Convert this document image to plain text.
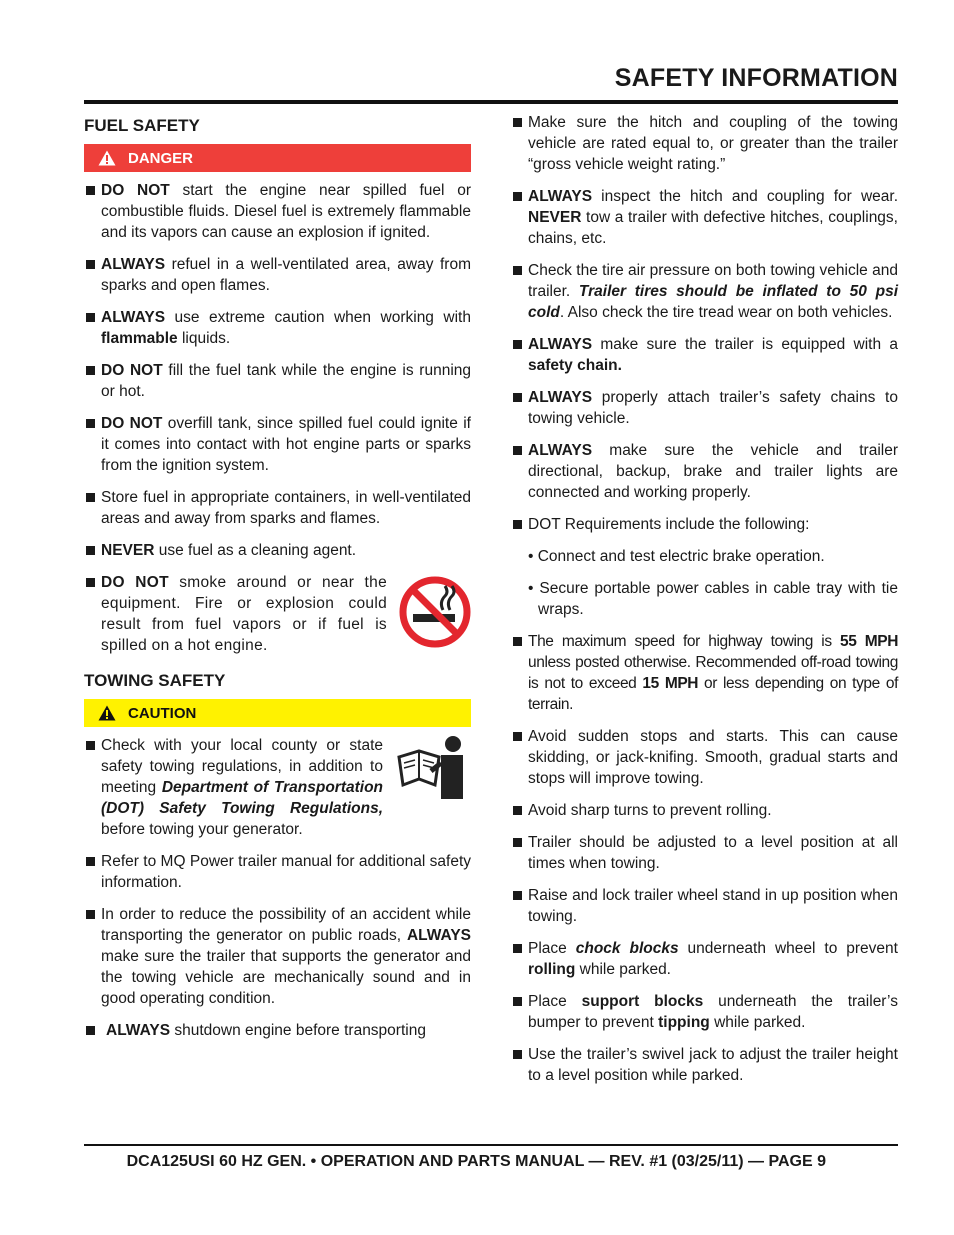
SAFETY INFORMATION
FUEL SAFETY
DANGER
DO NOT start the engine near spilled fuel or combustible fluids. Diesel fuel is extremely flammable and its vapors can cause an explosion if ignited.
ALWAYS refuel in a well-ventilated area, away from sparks and open flames.
ALWAYS use extreme caution when working with flammable liquids.
DO NOT fill the fuel tank while the engine is running or hot.
DO NOT overfill tank, since spilled fuel could ignite if it comes into contact with hot engine parts or sparks from the ignition system.
Store fuel in appropriate containers, in well-ventilated areas and away from sparks and flames.
NEVER use fuel as a cleaning agent.
DO NOT smoke around or near the equipment. Fire or explosion could result from fuel vapors or if fuel is spilled on a hot engine.
TOWING SAFETY
CAUTION
Check with your local county or state safety towing regulations, in addition to meeting Department of Transportation (DOT) Safety Towing Regulations, before towing your generator.
Refer to MQ Power trailer manual for additional safety information.
In order to reduce the possibility of an accident while transporting the generator on public roads, ALWAYS make sure the trailer that supports the generator and the towing vehicle are mechanically sound and in good operating condition.
ALWAYS shutdown engine before transporting
Make sure the hitch and coupling of the towing vehicle are rated equal to, or greater than the trailer “gross vehicle weight rating.”
ALWAYS inspect the hitch and coupling for wear. NEVER tow a trailer with defective hitches, couplings, chains, etc.
Check the tire air pressure on both towing vehicle and trailer. Trailer tires should be inflated to 50 psi cold. Also check the tire tread wear on both vehicles.
ALWAYS make sure the trailer is equipped with a safety chain.
ALWAYS properly attach trailer’s safety chains to towing vehicle.
ALWAYS make sure the vehicle and trailer directional, backup, brake and trailer lights are connected and working properly.
DOT Requirements include the following:
• Connect and test electric brake operation.
• Secure portable power cables in cable tray with tie wraps.
The maximum speed for highway towing is 55 MPH unless posted otherwise. Recommended off-road towing is not to exceed 15 MPH or less depending on type of terrain.
Avoid sudden stops and starts. This can cause skidding, or jack-knifing. Smooth, gradual starts and stops will improve towing.
Avoid sharp turns to prevent rolling.
Trailer should be adjusted to a level position at all times when towing.
Raise and lock trailer wheel stand in up position when towing.
Place chock blocks underneath wheel to prevent rolling while parked.
Place support blocks underneath the trailer’s bumper to prevent tipping while parked.
Use the trailer’s swivel jack to adjust the trailer height to a level position while parked.
DCA125USI 60 HZ GEN. • OPERATION AND PARTS MANUAL — REV. #1 (03/25/11) — PAGE 9
